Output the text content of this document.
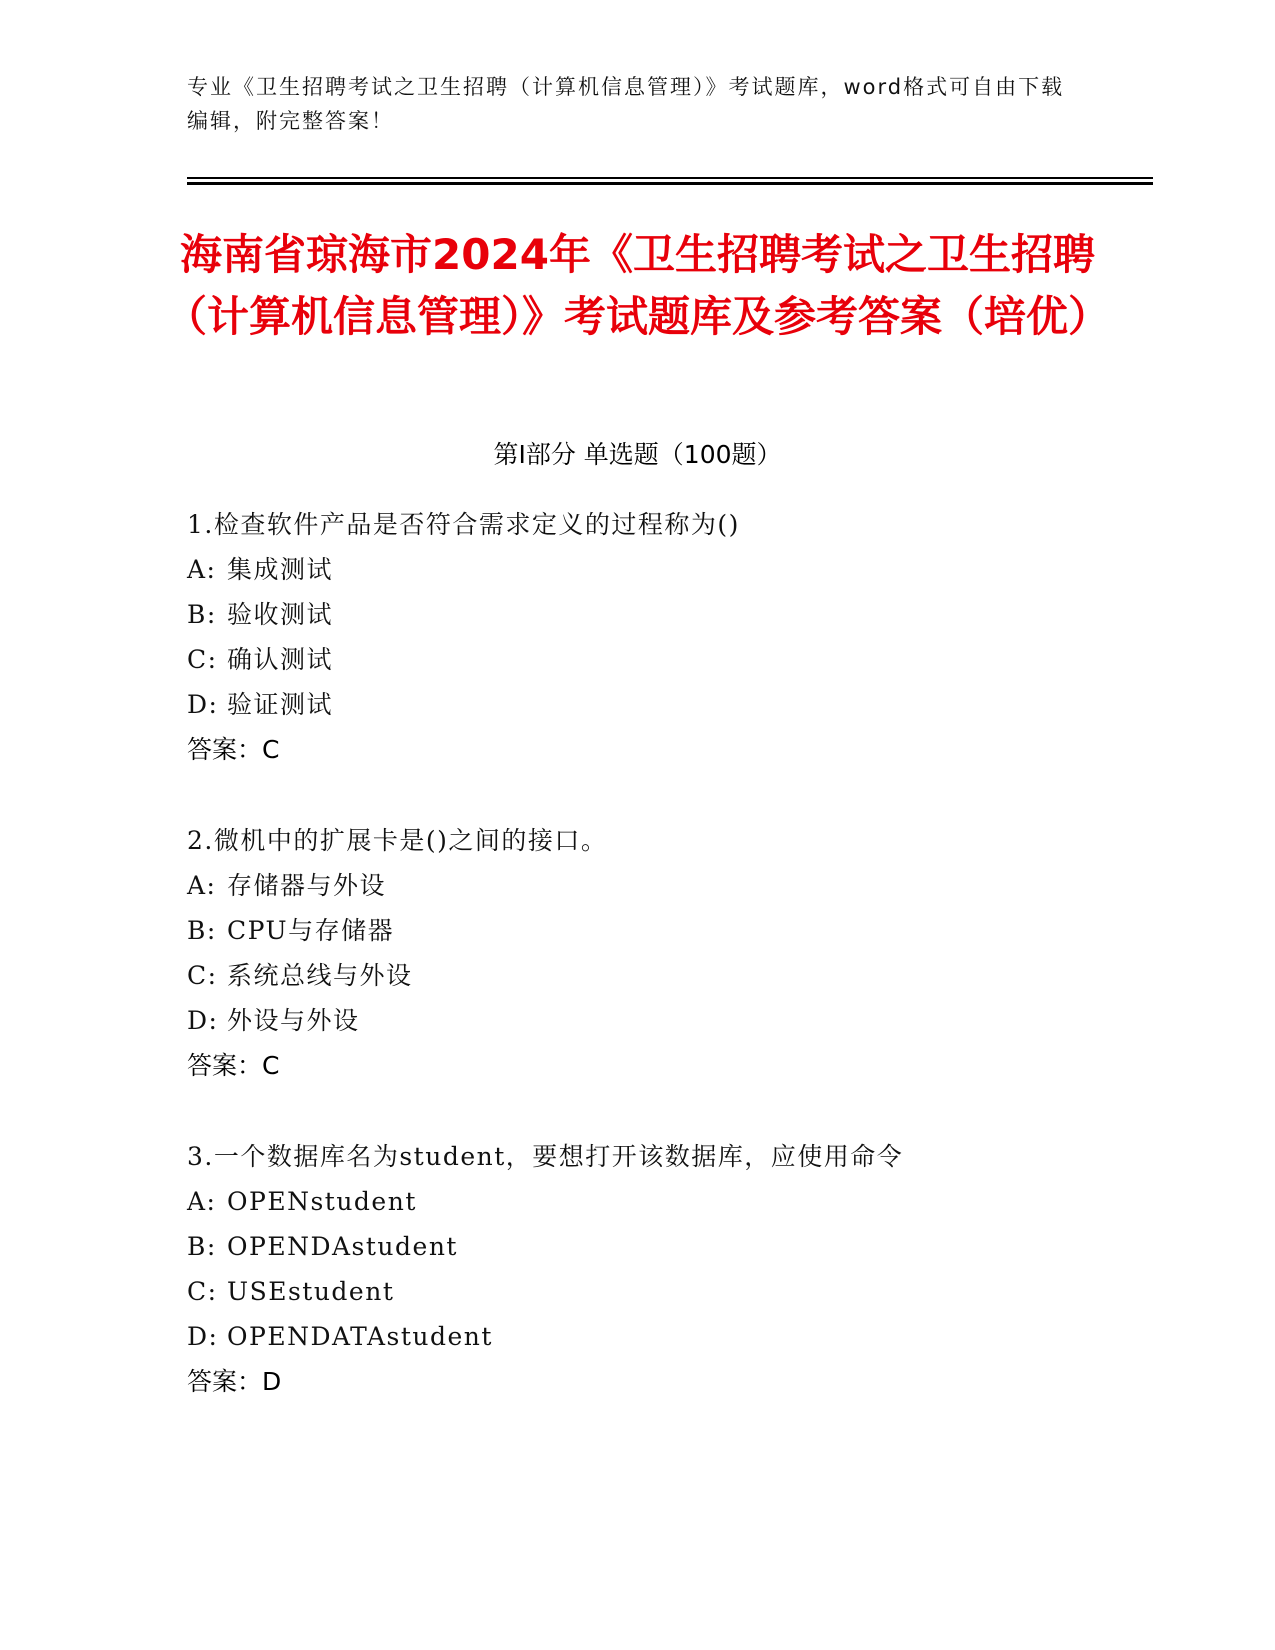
专业《卫生招聘考试之卫生招聘（计算机信息管理）》考试题库，word格式可自由下载编辑，附完整答案！
海南省琼海市2024年《卫生招聘考试之卫生招聘（计算机信息管理）》考试题库及参考答案（培优）
第I部分 单选题（100题）
1.检查软件产品是否符合需求定义的过程称为()
A: 集成测试
B: 验收测试
C: 确认测试
D: 验证测试
答案：C
2.微机中的扩展卡是()之间的接口。
A: 存储器与外设
B: CPU与存储器
C: 系统总线与外设
D: 外设与外设
答案：C
3.一个数据库名为student，要想打开该数据库，应使用命令
A: OPENstudent
B: OPENDAstudent
C: USEstudent
D: OPENDATAstudent
答案：D
